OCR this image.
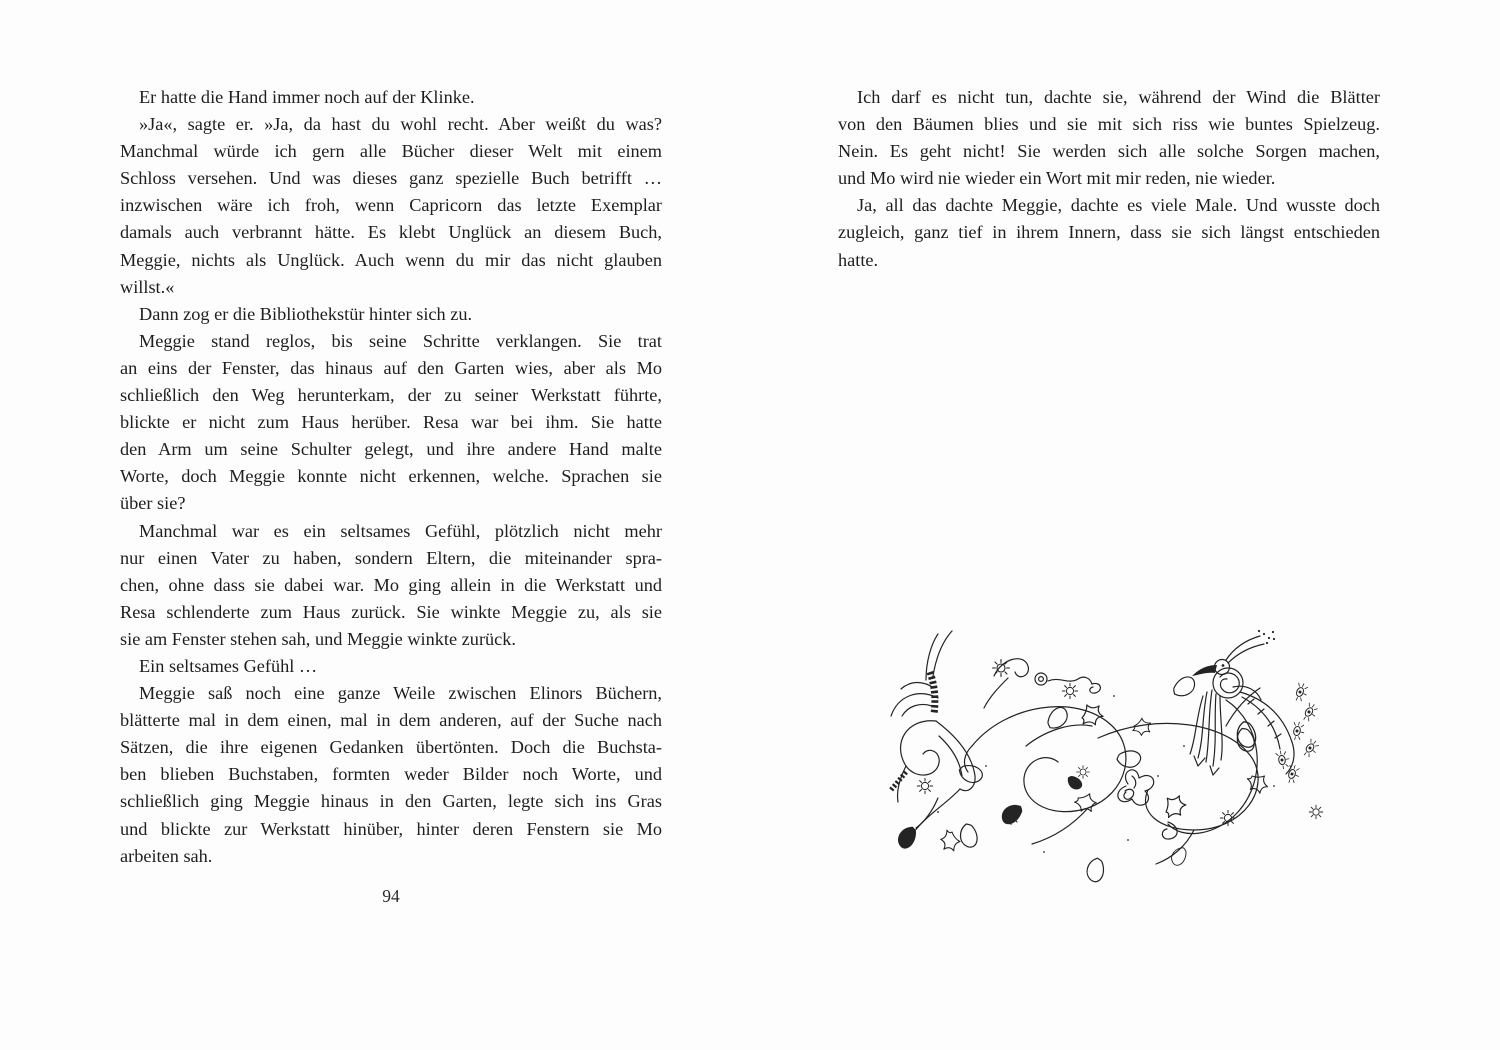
Er hatte die Hand immer noch auf der Klinke.
»Ja«, sagte er. »Ja, da hast du wohl recht. Aber weißt du was?
Manchmal würde ich gern alle Bücher dieser Welt mit einem
Schloss versehen. Und was dieses ganz spezielle Buch betrifft …
inzwischen wäre ich froh, wenn Capricorn das letzte Exemplar
damals auch verbrannt hätte. Es klebt Unglück an diesem Buch,
Meggie, nichts als Unglück. Auch wenn du mir das nicht glauben
willst.«
Dann zog er die Bibliothekstür hinter sich zu.
Meggie stand reglos, bis seine Schritte verklangen. Sie trat
an eins der Fenster, das hinaus auf den Garten wies, aber als Mo
schließlich den Weg herunterkam, der zu seiner Werkstatt führte,
blickte er nicht zum Haus herüber. Resa war bei ihm. Sie hatte
den Arm um seine Schulter gelegt, und ihre andere Hand malte
Worte, doch Meggie konnte nicht erkennen, welche. Sprachen sie
über sie?
Manchmal war es ein seltsames Gefühl, plötzlich nicht mehr
nur einen Vater zu haben, sondern Eltern, die miteinander spra-
chen, ohne dass sie dabei war. Mo ging allein in die Werkstatt und
Resa schlenderte zum Haus zurück. Sie winkte Meggie zu, als sie
sie am Fenster stehen sah, und Meggie winkte zurück.
Ein seltsames Gefühl …
Meggie saß noch eine ganze Weile zwischen Elinors Büchern,
blätterte mal in dem einen, mal in dem anderen, auf der Suche nach
Sätzen, die ihre eigenen Gedanken übertönten. Doch die Buchsta-
ben blieben Buchstaben, formten weder Bilder noch Worte, und
schließlich ging Meggie hinaus in den Garten, legte sich ins Gras
und blickte zur Werkstatt hinüber, hinter deren Fenstern sie Mo
arbeiten sah.
94
Ich darf es nicht tun, dachte sie, während der Wind die Blätter
von den Bäumen blies und sie mit sich riss wie buntes Spielzeug.
Nein. Es geht nicht! Sie werden sich alle solche Sorgen machen,
und Mo wird nie wieder ein Wort mit mir reden, nie wieder.
Ja, all das dachte Meggie, dachte es viele Male. Und wusste doch
zugleich, ganz tief in ihrem Innern, dass sie sich längst entschieden
hatte.
